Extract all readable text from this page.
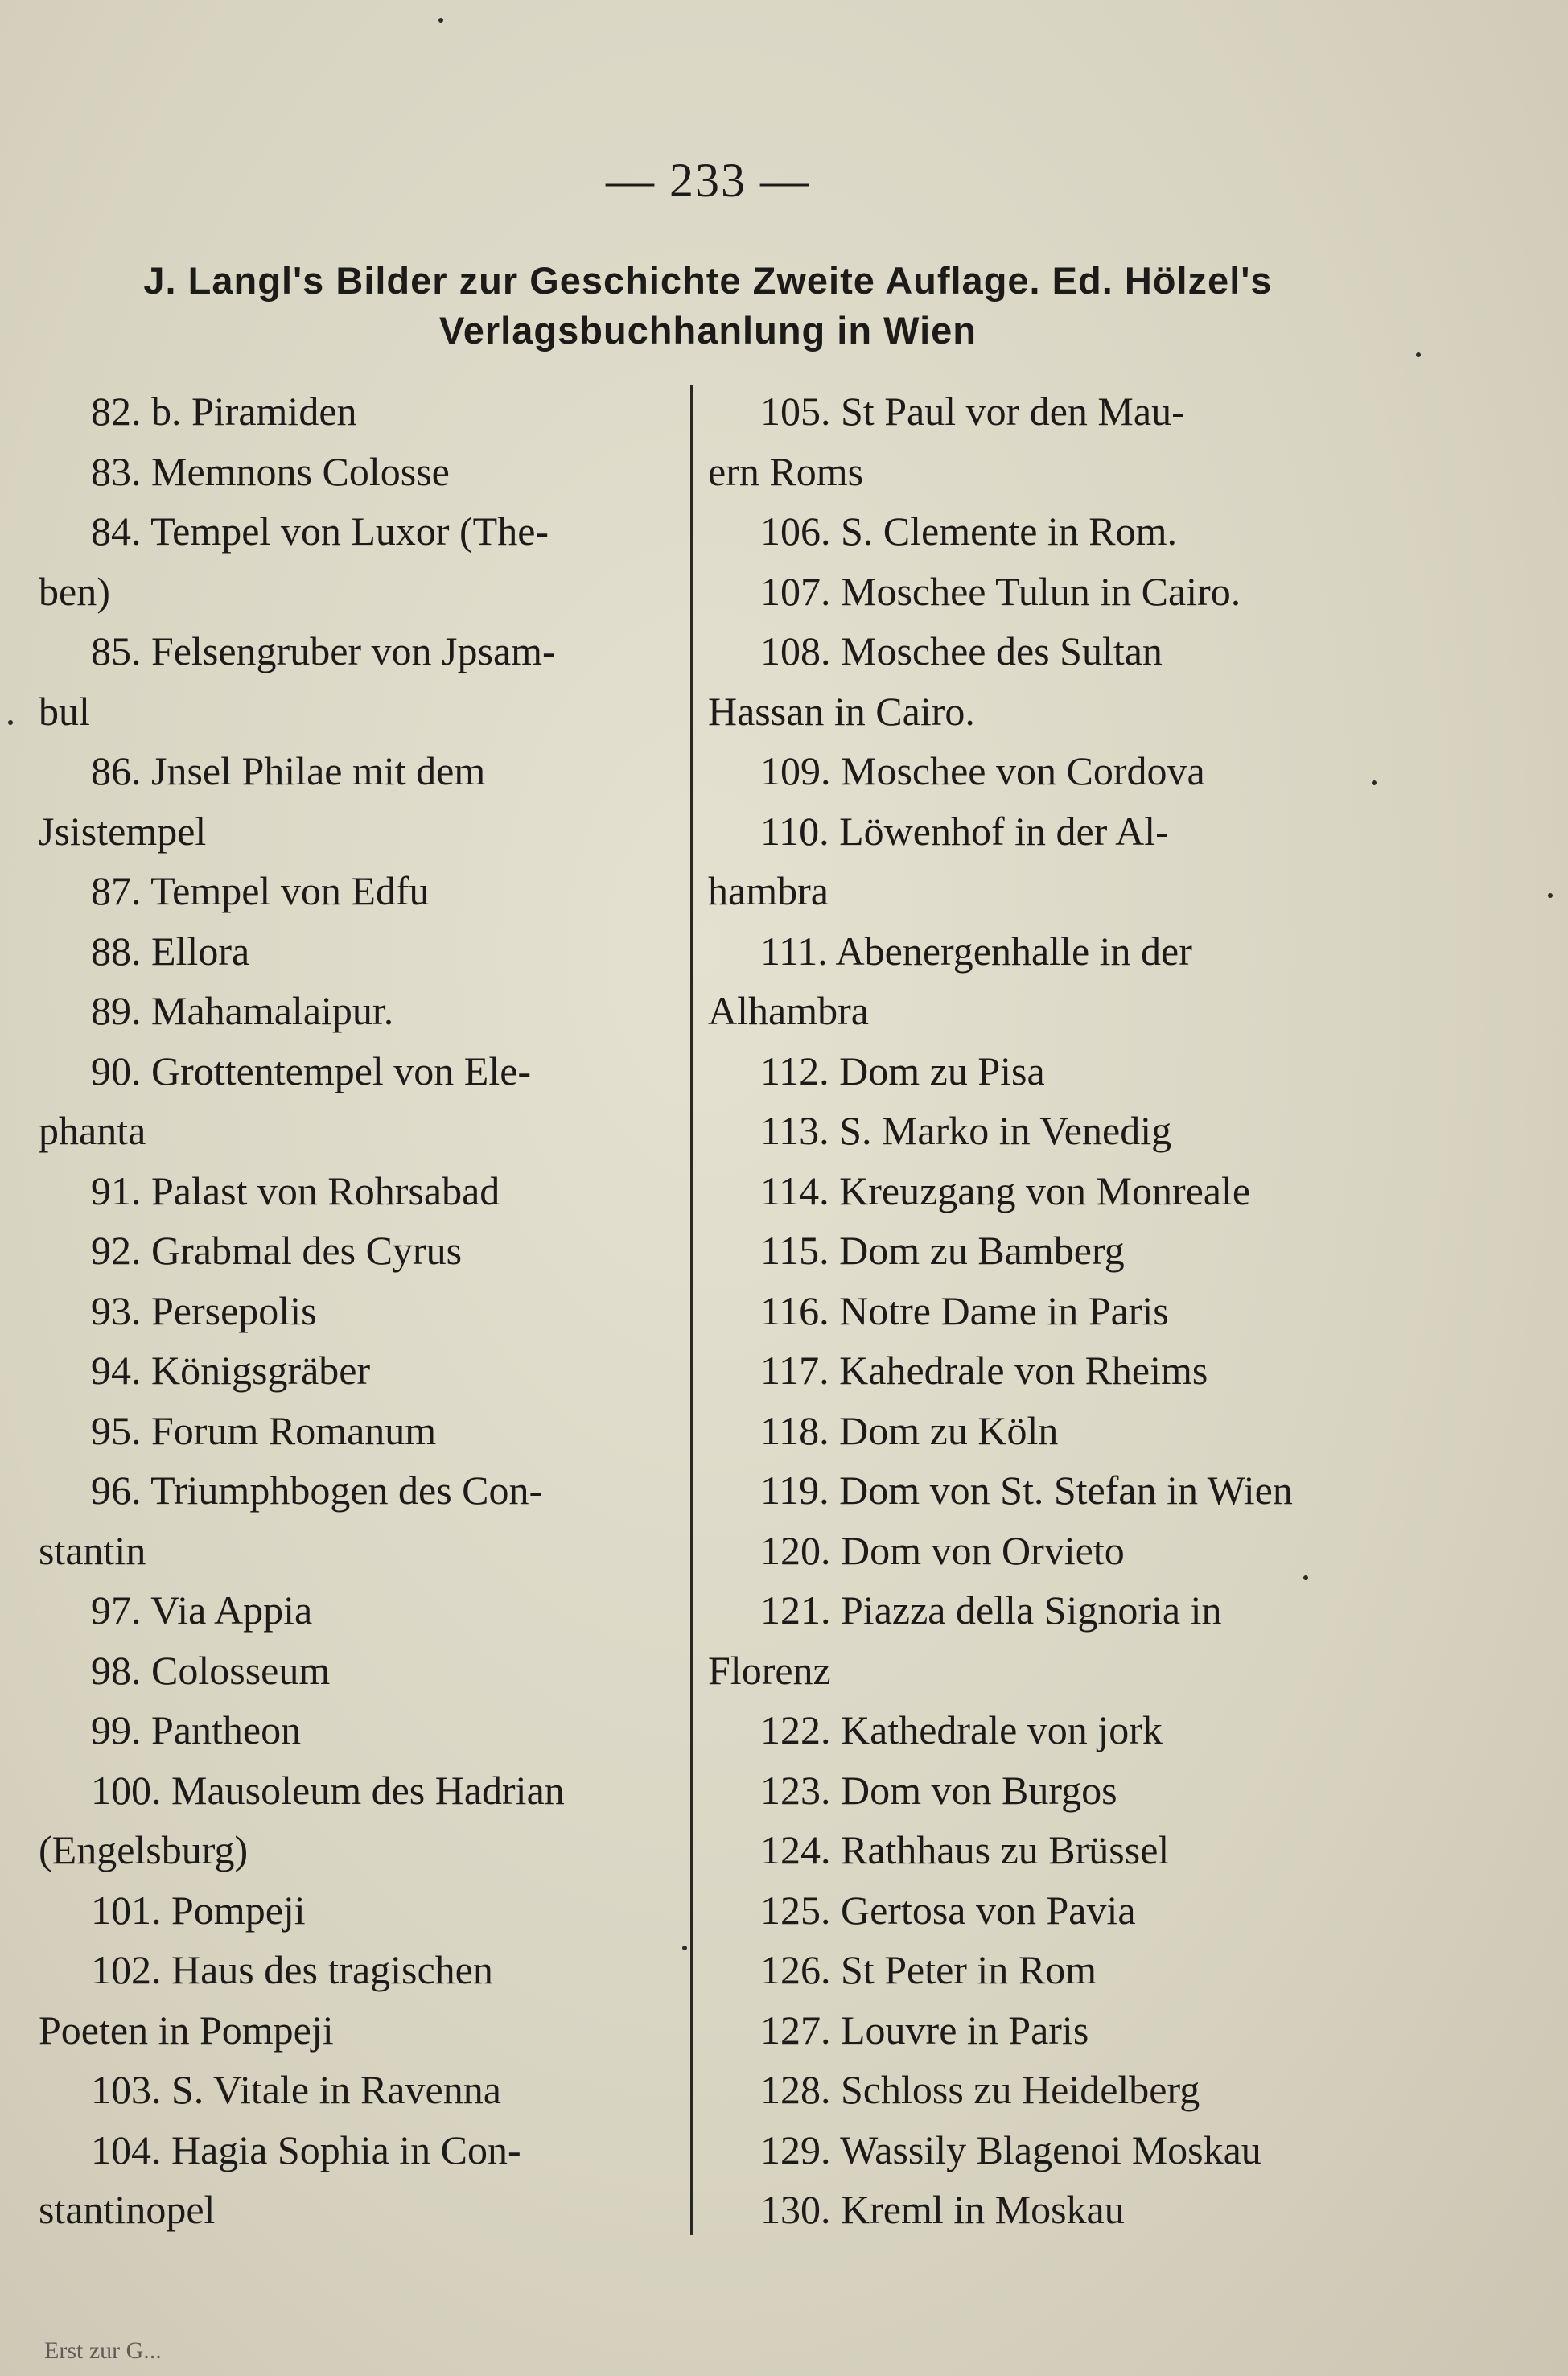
— 233 —
J. Langl's Bilder zur Geschichte Zweite Auflage. Ed. Hölzel's
Verlagsbuchhanlung in Wien
82. b. Piramiden
83. Memnons Colosse
84. Tempel von Luxor (The-
ben)
85. Felsengruber von Jpsam-
bul
86. Jnsel Philae mit dem
Jsistempel
87. Tempel von Edfu
88. Ellora
89. Mahamalaipur.
90. Grottentempel von Ele-
phanta
91. Palast von Rohrsabad
92. Grabmal des Cyrus
93. Persepolis
94. Königsgräber
95. Forum Romanum
96. Triumphbogen des Con-
stantin
97. Via Appia
98. Colosseum
99. Pantheon
100. Mausoleum des Hadrian
(Engelsburg)
101. Pompeji
102. Haus des tragischen
Poeten in Pompeji
103. S. Vitale in Ravenna
104. Hagia Sophia in Con-
stantinopel
105. St Paul vor den Mau-
ern Roms
106. S. Clemente in Rom.
107. Moschee Tulun in Cairo.
108. Moschee des Sultan
Hassan in Cairo.
109. Moschee von Cordova
110. Löwenhof in der Al-
hambra
111. Abenergenhalle in der
Alhambra
112. Dom zu Pisa
113. S. Marko in Venedig
114. Kreuzgang von Monreale
115. Dom zu Bamberg
116. Notre Dame in Paris
117. Kahedrale von Rheims
118. Dom zu Köln
119. Dom von St. Stefan in Wien
120. Dom von Orvieto
121. Piazza della Signoria in
Florenz
122. Kathedrale von jork
123. Dom von Burgos
124. Rathhaus zu Brüssel
125. Gertosa von Pavia
126. St Peter in Rom
127. Louvre in Paris
128. Schloss zu Heidelberg
129. Wassily Blagenoi Moskau
130. Kreml in Moskau
Erst zur G...
